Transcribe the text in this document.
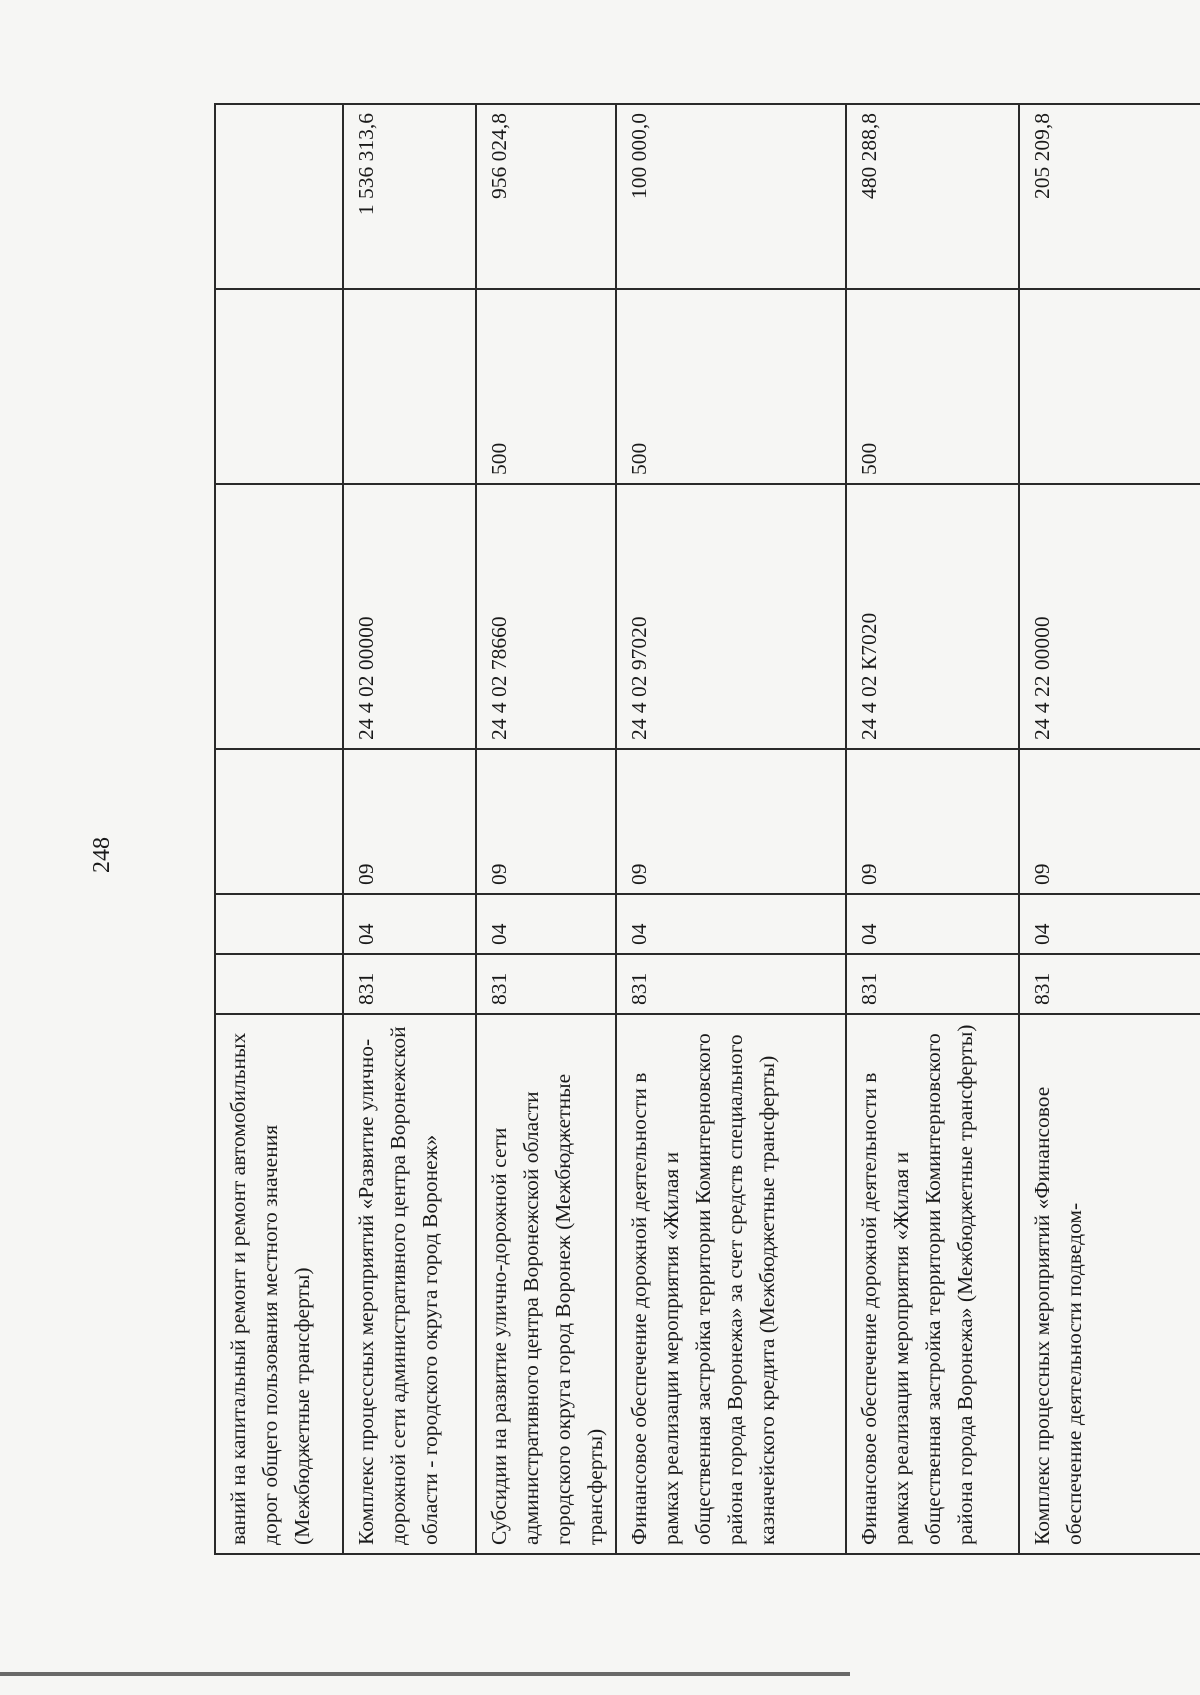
248
ваний на капитальный ремонт и ремонт автомобильных дорог общего пользования местного значения (Межбюджетные трансферты)						
Комплекс процессных мероприятий «Развитие улично-дорожной сети административного центра Воронежской области - городского округа город Воронеж»	831	04	09	24 4 02 00000		1 536 313,6
Субсидии на развитие улично-дорожной сети административного центра Воронежской области городского округа город Воронеж (Межбюджетные трансферты)	831	04	09	24 4 02 78660	500	956 024,8
Финансовое обеспечение дорожной деятельности в рамках реализации мероприятия «Жилая и общественная застройка территории Коминтерновского района города Воронежа» за счет средств специального казначейского кредита (Межбюджетные трансферты)	831	04	09	24 4 02 97020	500	100 000,0
Финансовое обеспечение дорожной деятельности в рамках реализации мероприятия «Жилая и общественная застройка территории Коминтерновского района города Воронежа» (Межбюджетные трансферты)	831	04	09	24 4 02 К7020	500	480 288,8
Комплекс процессных мероприятий «Финансовое обеспечение деятельности подведом-	831	04	09	24 4 22 00000		205 209,8
